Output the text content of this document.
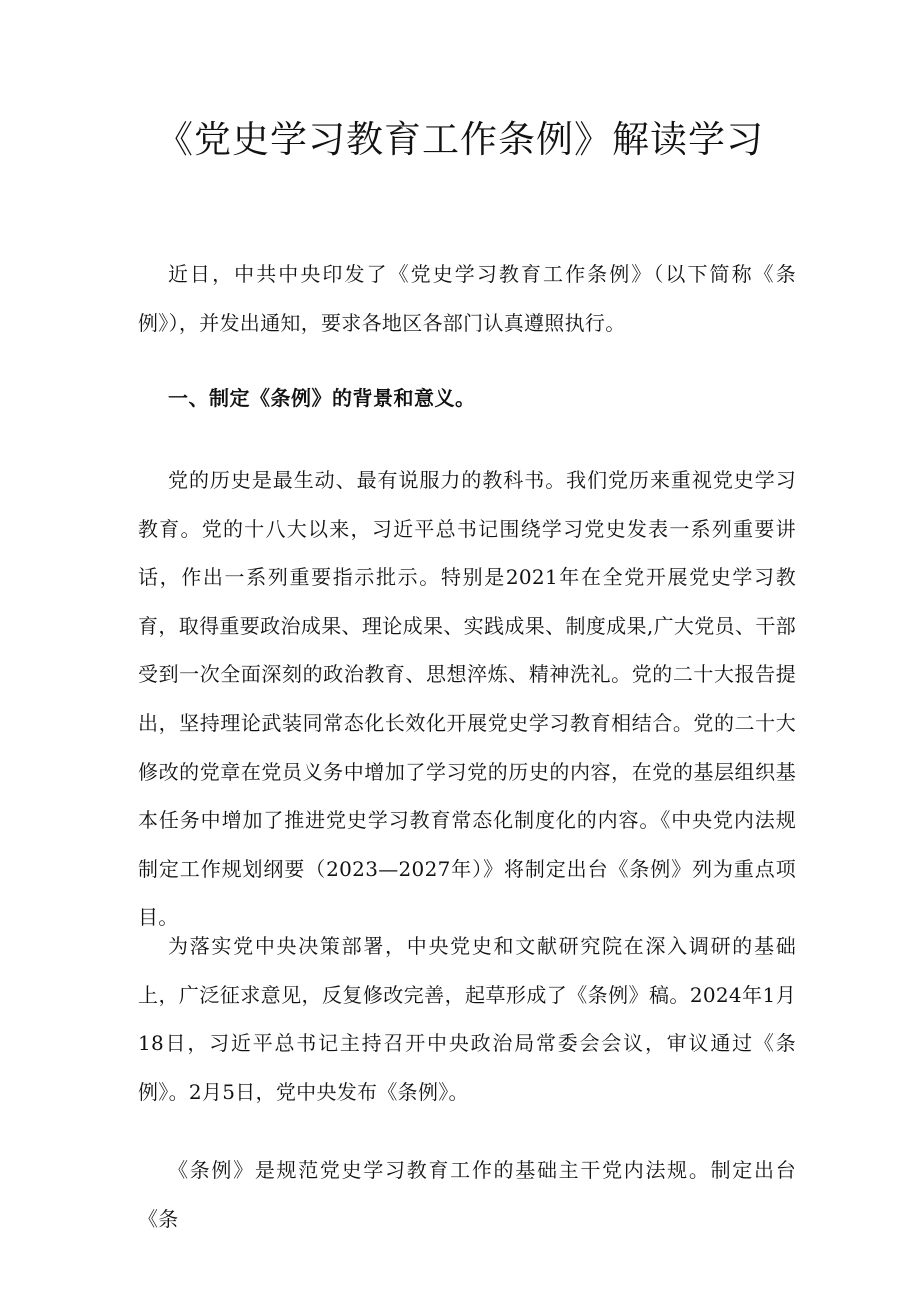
《党史学习教育工作条例》解读学习

近日，中共中央印发了《党史学习教育工作条例》（以下简称《条例》），并发出通知，要求各地区各部门认真遵照执行。

一、制定《条例》的背景和意义。

党的历史是最生动、最有说服力的教科书。我们党历来重视党史学习教育。党的十八大以来，习近平总书记围绕学习党史发表一系列重要讲话，作出一系列重要指示批示。特别是2021年在全党开展党史学习教育，取得重要政治成果、理论成果、实践成果、制度成果,广大党员、干部受到一次全面深刻的政治教育、思想淬炼、精神洗礼。党的二十大报告提出，坚持理论武装同常态化长效化开展党史学习教育相结合。党的二十大修改的党章在党员义务中增加了学习党的历史的内容，在党的基层组织基本任务中增加了推进党史学习教育常态化制度化的内容。《中央党内法规制定工作规划纲要（2023—2027年）》将制定出台《条例》列为重点项目。

为落实党中央决策部署，中央党史和文献研究院在深入调研的基础上，广泛征求意见，反复修改完善，起草形成了《条例》稿。2024年1月18日，习近平总书记主持召开中央政治局常委会会议，审议通过《条例》。2月5日，党中央发布《条例》。

《条例》是规范党史学习教育工作的基础主干党内法规。制定出台《条
